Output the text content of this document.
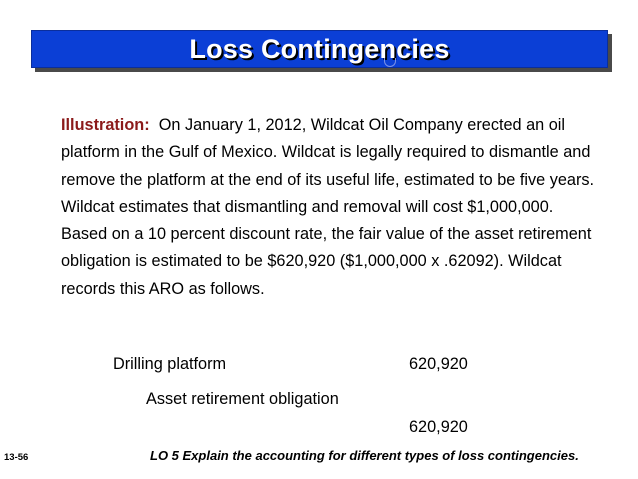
Loss Contingencies
Illustration: On January 1, 2012, Wildcat Oil Company erected an oil platform in the Gulf of Mexico. Wildcat is legally required to dismantle and remove the platform at the end of its useful life, estimated to be five years. Wildcat estimates that dismantling and removal will cost $1,000,000. Based on a 10 percent discount rate, the fair value of the asset retirement obligation is estimated to be $620,920 ($1,000,000 x .62092). Wildcat records this ARO as follows.
Drilling platform	620,920
Asset retirement obligation
620,920
13-56	LO 5 Explain the accounting for different types of loss contingencies.
